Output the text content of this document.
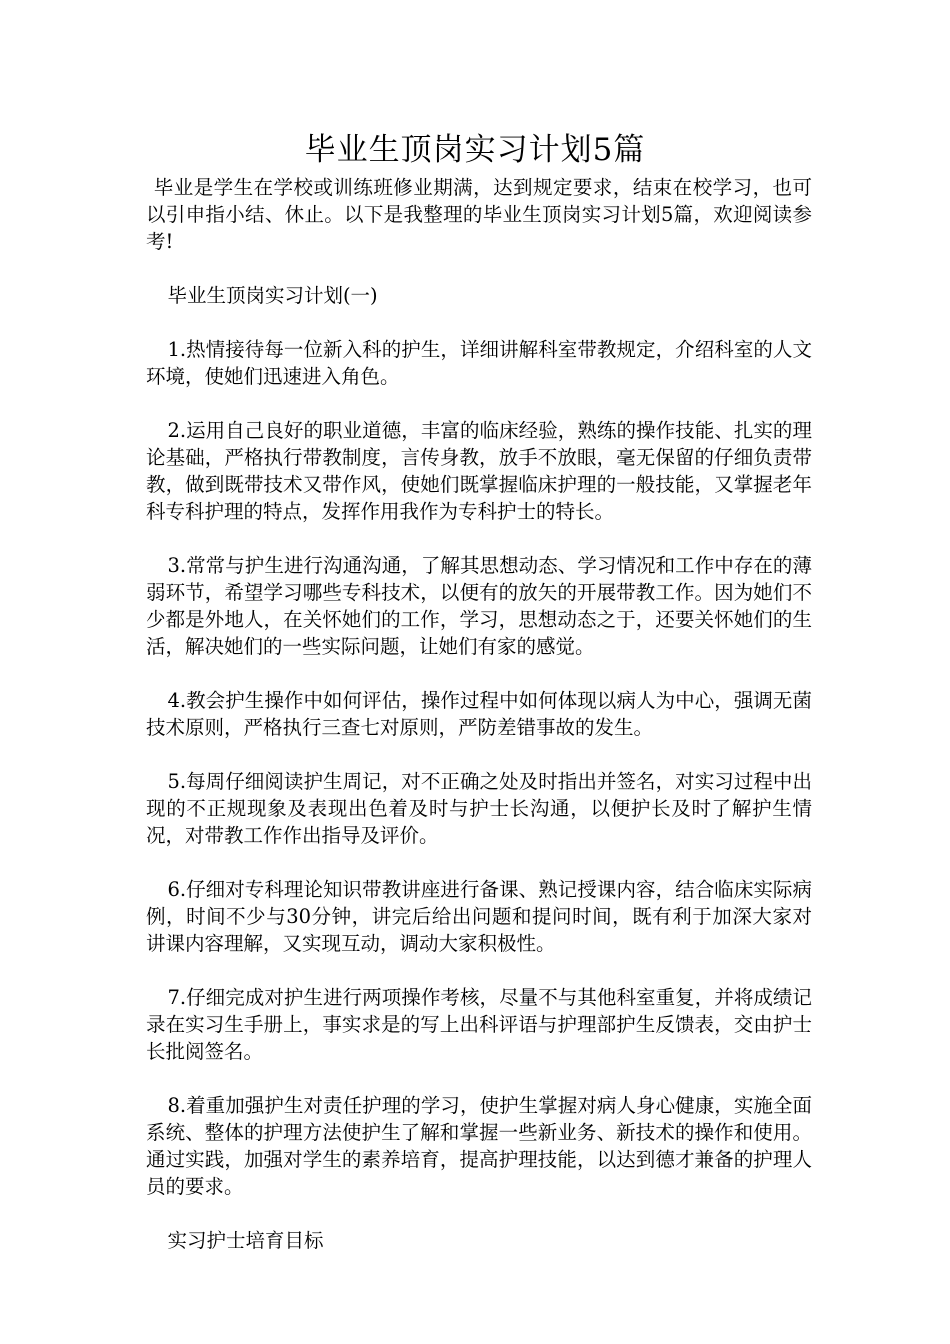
毕业生顶岗实习计划5篇

毕业是学生在学校或训练班修业期满，达到规定要求，结束在校学习，也可以引申指小结、休止。以下是我整理的毕业生顶岗实习计划5篇，欢迎阅读参考!

毕业生顶岗实习计划(一)

1.热情接待每一位新入科的护生，详细讲解科室带教规定，介绍科室的人文环境，使她们迅速进入角色。

2.运用自己良好的职业道德，丰富的临床经验，熟练的操作技能、扎实的理论基础，严格执行带教制度，言传身教，放手不放眼，毫无保留的仔细负责带教，做到既带技术又带作风，使她们既掌握临床护理的一般技能，又掌握老年科专科护理的特点，发挥作用我作为专科护士的特长。

3.常常与护生进行沟通沟通，了解其思想动态、学习情况和工作中存在的薄弱环节，希望学习哪些专科技术，以便有的放矢的开展带教工作。因为她们不少都是外地人，在关怀她们的工作，学习，思想动态之于，还要关怀她们的生活，解决她们的一些实际问题，让她们有家的感觉。

4.教会护生操作中如何评估，操作过程中如何体现以病人为中心，强调无菌技术原则，严格执行三查七对原则，严防差错事故的发生。

5.每周仔细阅读护生周记，对不正确之处及时指出并签名，对实习过程中出现的不正规现象及表现出色着及时与护士长沟通，以便护长及时了解护生情况，对带教工作作出指导及评价。

6.仔细对专科理论知识带教讲座进行备课、熟记授课内容，结合临床实际病例，时间不少与30分钟，讲完后给出问题和提问时间，既有利于加深大家对讲课内容理解，又实现互动，调动大家积极性。

7.仔细完成对护生进行两项操作考核，尽量不与其他科室重复，并将成绩记录在实习生手册上，事实求是的写上出科评语与护理部护生反馈表，交由护士长批阅签名。

8.着重加强护生对责任护理的学习，使护生掌握对病人身心健康，实施全面系统、整体的护理方法使护生了解和掌握一些新业务、新技术的操作和使用。通过实践，加强对学生的素养培育，提高护理技能，以达到德才兼备的护理人员的要求。

实习护士培育目标
